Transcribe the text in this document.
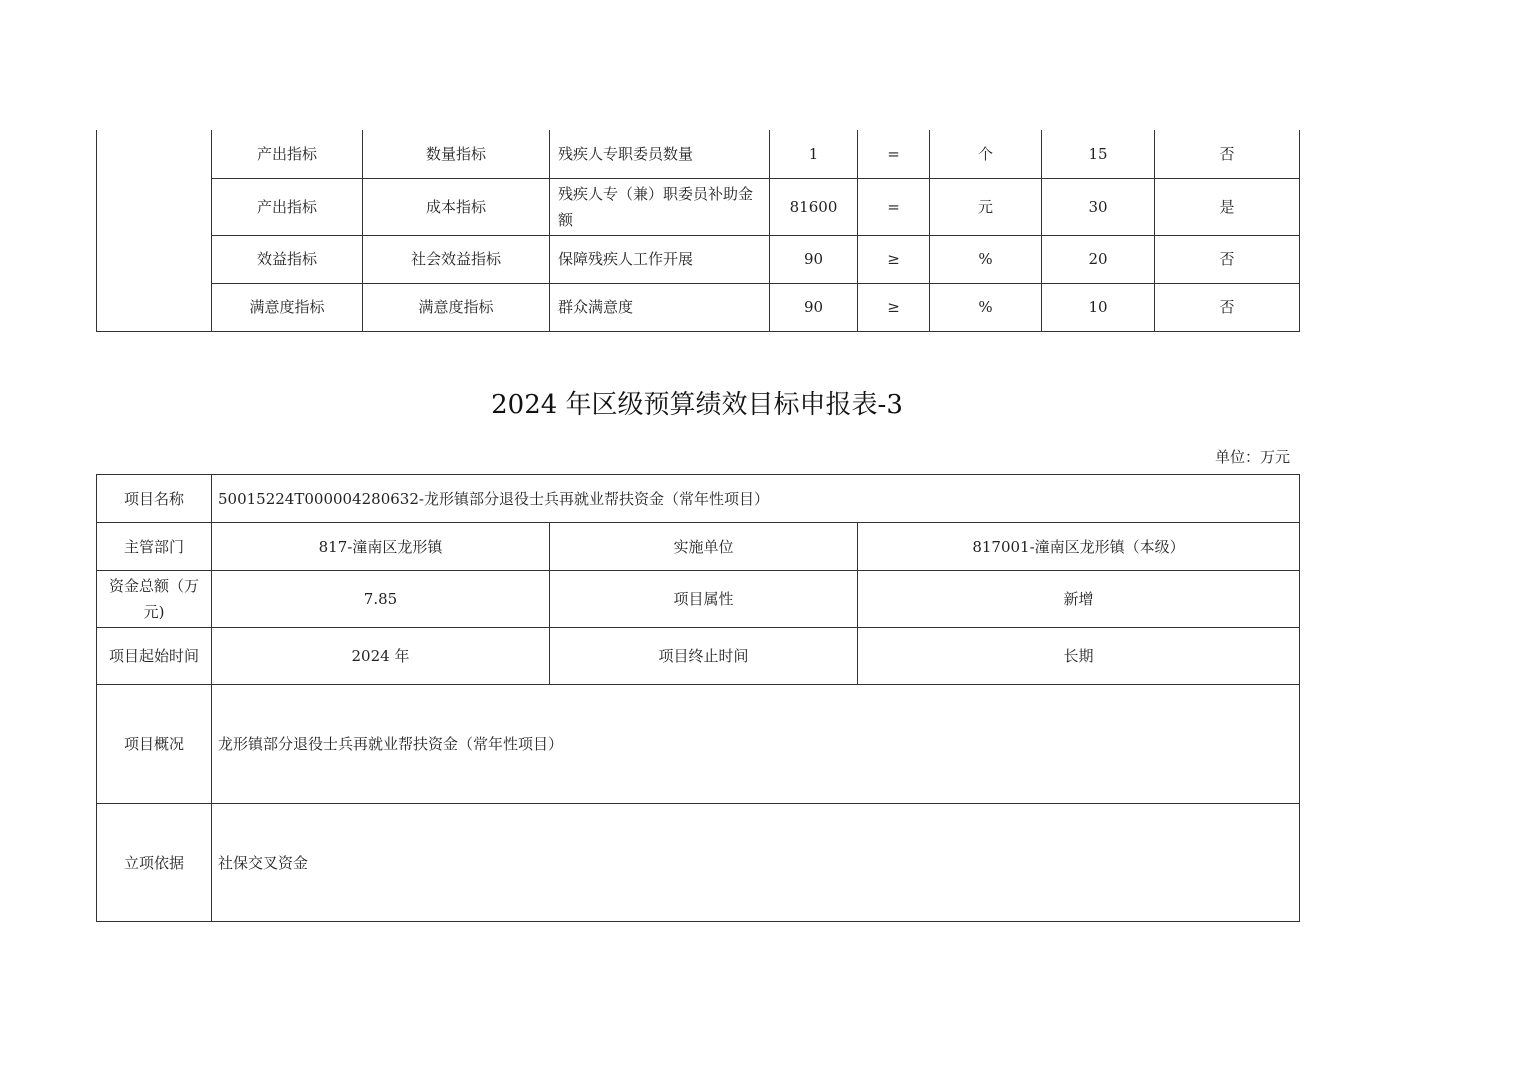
	产出指标	数量指标	残疾人专职委员数量	1	=	个	15	否
	产出指标	成本指标	残疾人专（兼）职委员补助金额	81600	=	元	30	是
	效益指标	社会效益指标	保障残疾人工作开展	90	≥	%	20	否
	满意度指标	满意度指标	群众满意度	90	≥	%	10	否
2024 年区级预算绩效目标申报表-3
单位：万元
项目名称	50015224T000004280632-龙形镇部分退役士兵再就业帮扶资金（常年性项目）		
主管部门	817-潼南区龙形镇	实施单位	817001-潼南区龙形镇（本级）
资金总额（万元)	7.85	项目属性	新增
项目起始时间	2024 年	项目终止时间	长期
项目概况	龙形镇部分退役士兵再就业帮扶资金（常年性项目）		
立项依据	社保交叉资金		
